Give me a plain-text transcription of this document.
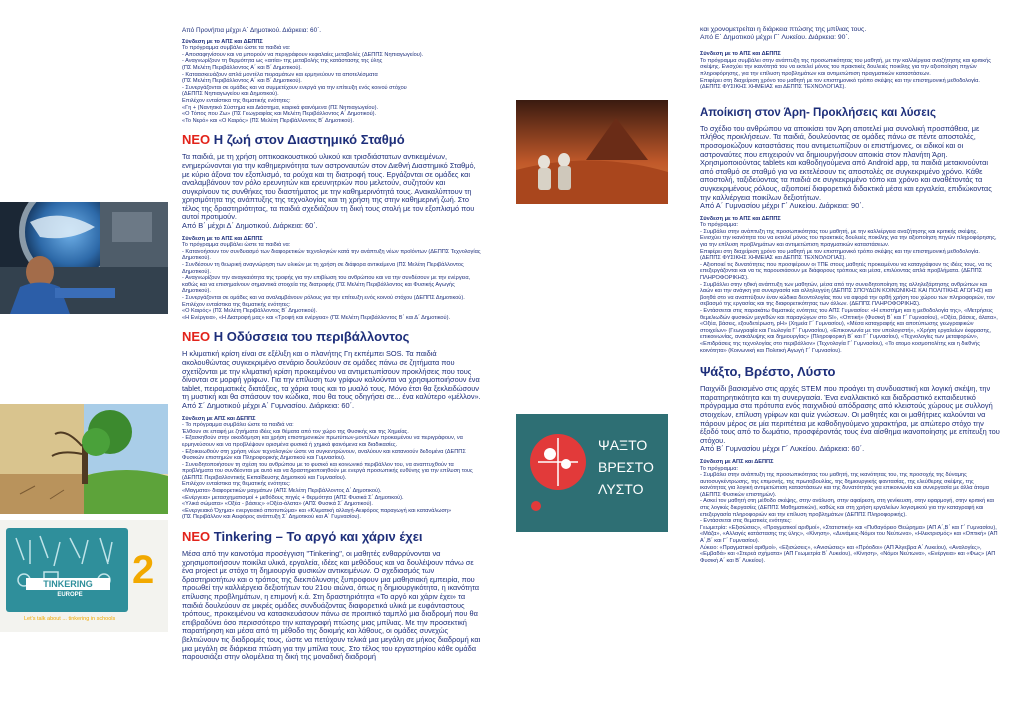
TINKERING
EUROPE
2
Let's talk about ... tinkering in schools

Από Προνήπια μέχρι Α΄ Δημοτικού. Διάρκεια: 60΄.

Σύνδεση με το ΑΠΣ και ΔΕΠΠΣ

Το πρόγραμμα συμβάλει ώστε τα παιδιά να:
- Αποσαφηνίσουν και να μπορούν να περιγράφουν κεφαλαίες μεταβολές (ΔΕΠΠΣ Νηπιαγωγείου).
- Αναγνωρίζουν τη θερμότητα ως «αιτία» της μεταβολής της κατάστασης της ύλης
(ΠΣ Μελέτη Περιβάλλοντος Α΄ και Β΄ Δημοτικού).
- Καταασκευάζουν απλά μοντέλα πειραμάτων και ερμηνεύουν τα αποτελέσματα
(ΠΣ Μελέτη Περιβάλλοντος Α΄ και Β΄ Δημοτικού).
- Συνεργάζονται σε ομάδες και να συμμετέχουν ενεργά για την επίτευξη ενός κοινού στόχου
(ΔΕΠΠΣ Νηπιαγωγείου και Δημοτικού).
Επιλέχον ενταίστικα της θεματικής ενότητες:
«Γη + (Νανητικό Σύστημα και Διάστημα, καιρικά φαινόμενα (ΠΣ Νηπιαγωγείου).
«Ο Τόπος που Ζω» (ΠΣ Γεωγραφίας και Μελέτη Περιβάλλοντος Α΄ Δημοτικού).
«Το Νερό» και «Ο Καιρός» (ΠΣ Μελέτη Περιβάλλοντος Β΄ Δημοτικού).
NEO Η ζωή στον Διαστημικό Σταθμό

Τα παιδιά, με τη χρήση οπτικοακουστικού υλικού και τρισδιάστατων αντικειμένων, ενημερώνονται για την καθημερινότητα των αστροναυτών στον Διεθνή Διαστημικό Σταθμό, με κύριο άξονα τον εξοπλισμό, τα ρούχα και τη διατροφή τους. Εργάζονται σε ομάδες και αναλαμβάνουν τον ρόλο ερευνητών και ερευνητριών που μελετούν, συζητούν και συγκρίνουν τις συνθήκες του διαστήματος με την καθημερινότητά τους. Ανακαλύπτουν τη χρησιμότητα της ανάπτυξης της τεχνολογίας και τη χρήση της στην καθημερινή ζωή. Στο τέλος της δραστηριότητας, τα παιδιά σχεδιάζουν τη δική τους στολή με τον εξοπλισμό που αυτοί προτιμούν.

Από Β΄ μέχρι Δ΄ Δημοτικού. Διάρκεια: 60΄.

Σύνδεση με το ΑΠΣ και ΔΕΠΠΣ

Το πρόγραμμα συμβάλει ώστε τα παιδιά να:
- Κατανοήσουν τον συνδυασμό των διαφορετικών τεχνολογιών κατά την ανάπτυξη νέων προϊόντων (ΔΕΠΠΣ Τεχνολογίας Δημοτικού).
- Συνδέσουν τη θεωρική αναγνώρηση των υλικών με τη χρήση σε διάφορα αντικείμενα (ΠΣ Μελέτη Περιβάλλοντος Δημοτικού).
- Αναγνωρίζουν την αναγκαιότητα της τροφής για την επιβίωση του ανθρώπου και να την συνδέσουν με την ενέργεια, καθώς και να επισημαίνουν σημαντικά στοιχεία της διατροφής (ΠΣ Μελέτη Περιβάλλοντος και Φυσικής Αγωγής Δημοτικού).
- Συνεργάζονται σε ομάδες και να αναλαμβάνουν ρόλους για την επίτευξη ενός κοινού στόχου (ΔΕΠΠΣ Δημοτικού).
Επιλέχον ενταίστικα της θεματικής ενότητες:
«Ο Καιρός» (ΠΣ Μελέτη Περιβάλλοντος Β΄ Δημοτικού).
«Η Ενέργεια», «Η Διατροφή μας» και «Τροφή και ενέργεια» (ΠΣ Μελέτη Περιβάλλοντος Β΄ και Δ΄ Δημοτικού).
NEO Η Οδύσσεια του περιβάλλοντος

Η κλιματική κρίση είναι σε εξέλιξη και ο πλανήτης Γη εκπέμπει SOS. Τα παιδιά ακολουθώντας συγκεκριμένο σενάριο δουλεύουν σε ομάδες πάνω σε ζητήματα που σχετίζονται με την κλιματική κρίση προκειμένου να αντιμετωπίσουν προκλήσεις που τους δίνονται σε μορφή γρίφων. Για την επίλυση των γρίφων καλούνται να χρησιμοποιήσουν ένα tablet, πειραματικές διατάξεις, τα χάρια τους και το μυαλό τους. Μόνο έτσι θα ξεκλειδώσουν τη μυστική και θα σπάσουν τον κώδικα, που θα τους οδηγήσει σε... ένα καλύτερο «μέλλον».

Από Σ΄ Δημοτικού μέχρι Α΄ Γυμνασίου. Διάρκεια: 60΄.

Σύνδεση με ΑΠΣ και ΔΕΠΠΣ

- Το πρόγραμμα συμβάλει ώστε τα παιδιά να:
Έλθουν σε επαφή με ζητήματα ιδέες και θέματα από τον χώρο της Φυσικής και της Χημείας.
- Εξασκηθούν στην οικοδόμηση και χρήση επιστημονικών πρωτύπων-μοντέλων προκειμένου να περιγράφουν, να ερμηνεύσουν και να προβλέψουν ορισμένα φυσικά ή χημικά φαινόμενα και διαδικασίες.
- Εξοικειωθούν στη χρήση νέων τεχνολογιών ώστε να συγκεντρώνουν, αναλύουν και κατανοούν δεδομένα (ΔΕΠΠΣ Φυσικών επιστημών και Πληροφορικής Δημοτικού και Γυμνασίου).
- Συνειδητοποιήσουν τη σχέση του ανθρώπου με το φυσικό και κοινωνικό περιβάλλον του, να αναπτυχθούν τα προβλήματα του συνδέονται με αυτό και να δραστηριοποιηθούν με ενεργά προσωπικής ευθύνης για την επίλυση τους (ΔΕΠΠΣ Περιβαλλοντικής Εκπαίδευσης Δημοτικού και Γυμνασίου).
Επιλέχον ενταίστικα της θεματικής ενότητες:
«Μαγματα» διαφορετικών μαγμάτων (ΑΠΣ Μελέτη Περιβάλλοντος Δ΄ Δημοτικού).
«Ενέργεια» μετασχηματισμοί + μεθόδους πηγές + θερμότητα (ΑΠΣ Φυσικά Σ΄ Δημοτικού).
«Υλικά σώματα» «Οξέα - βάσεις» «Οξέα-άλατα» (ΑΠΣ Φυσικά Σ΄ Δημοτικού).
«Ενεργειακό Όχημα» ενεργειακό αποτυπώμα» και «Κλιματική αλλαγή-Αειφόρος παραγωγή και κατανάλωση»
(ΠΣ Περιβάλλον και Αειφόρος ανάπτυξη Σ΄ Δημοτικού και Α΄ Γυμνασίου).
NEO Tinkering – Το αργό και χάριν έχει

Μέσα από την καινοτόμα προσέγγιση "Tinkering", οι μαθητές ενθαρρύνονται να χρησιμοποιήσουν ποικίλα υλικά, εργαλεία, ιδέες και μεθόδους και να δουλέψουν πάνω σε ένα project με στόχο τη δημιουργία φυσικών αντικειμένων. Ο σχεδιασμός των δραστηριοτήτων και ο τρόπος της διεκπόλυνσης ξυπροφουν μια μαθησιακή εμπειρία, που προωθεί την καλλιέργεια δεξιοτήτων του 21ου αιώνα, όπως η δημιουργικότητα, η ικανότητα επίλυσης προβλημάτων, η επιμονή κ.ά. Στη δραστηριότητα «Το αργό και χάριν έχει» τα παιδιά δουλεύουν σε μικρές ομάδες συνδυάζοντας διαφορετικά υλικά με ευφάνταστους τρόπους, προκειμένου να κατασκευάσουν πάνω σε προιπικό ταμπλό μια διαδρομή που θα επιβραδύνει όσο περισσότερο την καταγραφή πτώσης μιας μπίλιας. Με την προσεκτική παρατήρηση και μέσα από τη μέθοδο της δοκιμής και λάθους, οι ομάδες συνεχώς βελτιώνουν τις διαδρομές τους, ώστε να πετύχουν τελικά μια μεγάλη σε μήκος διαδρομή και μια μεγάλη σε διάρκεια πτώση για την μπίλια τους. Στο τέλος του εργαστηρίου κάθε ομάδα παρουσιάζει στην ολομέλεια τη δική της μοναδική διαδρομή

ΨΑΞΤΟ
ΒΡΕΣΤΟ
ΛΥΣΤΟ

και χρονομετρείται η διάρκεια πτώσης της μπίλιας τους.

Από Ε΄ Δημοτικού μέχρι Γ΄ Λυκείου. Διάρκεια: 90΄.

Σύνδεση με το ΑΠΣ και ΔΕΠΠΣ

Το πρόγραμμα συμβάλει στην ανάπτυξη της προσωπικότητας του μαθητή, με την καλλιέργεια αναζήτησης και κριτικής σκέψης. Ενισχύει την ικανότητά του να εκτελεί μόνος του πρακτικές δουλειές ποικίλης για την αξιοποίηση πηγών πληροφόρησης, για την επίλυση προβλημάτων και αντιμετώπιση πραγματικών καταστάσεων.

Επιφέρει στη διαχείριση χρόνο του μαθητή με τον επιστημονικό τρόπο σκέψης και την επιστημονική μεθοδολογία. (ΔΕΠΠΣ ΦΥΣΙΚΗΣ ΧΗΜΕΙΑΣ και ΔΕΠΠΣ ΤΕΧΝΟΛΟΓΙΑΣ).

Αποίκιση στον Άρη- Προκλήσεις και λύσεις

Το σχέδιο του ανθρώπου να αποικίσει τον Άρη αποτελεί μια συνολική προσπάθεια, με πλήθος προκλήσεων. Τα παιδιά, δουλεύοντας σε ομάδες πάνω σε πέντε αποστολές, προσομοιώζουν καταστάσεις που αντιμετωπίζουν οι επιστήμονες, οι ειδικοί και οι αστροναύτες που επιχειρούν να δημιουργήσουν αποικία στον πλανήτη Άρη. Χρησιμοποιούντας tablets και καθοδηγούμενα από Android app, τα παιδιά μετακινούνται από σταθμό σε σταθμό για να εκτελέσουν τις αποστολές σε συγκεκριμένο χρόνο. Κάθε αποστολή, ταξιδεύοντας τα παιδιά σε συγκεκριμένο τόπο και χρόνο και αναθέτοντάς τα συγκεκριμένους ρόλους, αξιοποιεί διαφορετικά διδακτικά μέσα και εργαλεία, επιδιώκοντας την καλλιέργεια ποικίλων δεξιοτήτων.

Από Α΄ Γυμνασίου μέχρι Γ΄ Λυκείου. Διάρκεια: 90΄.

Σύνδεση με το ΑΠΣ και ΔΕΠΠΣ

Το πρόγραμμα:
- Συμβάλει στην ανάπτυξη της προσωπικότητας του μαθητή, με την καλλιέργεια αναζήτησης και κριτικής σκέψης. Ενισχύει την ικανότητα του να εκτελεί μόνος του πρακτικές δουλειές ποικίλης για την αξιοποίηση πηγών πληροφόρησης, για την επίλυση προβλημάτων και αντιμετώπιση πραγματικών καταστάσεων.
Επιφέρει στη διαχείριση χρόνο του μαθητή με τον επιστημονικό τρόπο σκέψης και την επιστημονική μεθοδολογία. (ΔΕΠΠΣ ΦΥΣΙΚΗΣ ΧΗΜΕΙΑΣ και ΔΕΠΠΣ ΤΕΧΝΟΛΟΓΙΑΣ).
- Αξιοποιεί τις δυνατότητες που προσφέρουν οι ΤΠΕ στους μαθητές προκειμένου να καταγράφουν τις ιδέες τους, να τις επεξεργάζονται και να τις παρουσιάσουν με διάφορους τρόπους και μέσα, επιλύοντας απλά προβλήματα. (ΔΕΠΠΣ ΠΛΗΡΟΦΟΡΙΚΗΣ).
- Συμβάλλει στην ηθική ανάπτυξη των μαθητών, μέσα από την συνειδητοποίηση της αλληλεξάρτησης ανθρώπων και λαών και την ανάγκη για συνεργασία και αλληλεγγύη (ΔΕΠΠΣ ΣΠΟΥΔΩΝ ΚΟΙΝΩΝΙΚΗΣ ΚΑΙ ΠΟΛΙΤΙΚΗΣ ΑΓΩΓΗΣ) και βοηθά στο να αναπτύξουν έναν κώδικα δεοντολογίας που να αφορά την ορθή χρήση του χώρου των πληροφοριών, τον σεβασμό της εργασίας και της διαφορετικότητας των άλλων. (ΔΕΠΠΣ ΠΛΗΡΟΦΟΡΙΚΗΣ).
- Εντάσσεται στις παρακάτω θεματικές ενότητες του ΑΠΣ Γυμνασίου: «Η επιστήμη και η μεθοδολογία της», «Μετρήσεις θεμελιωδών φυσικών μεγεθών και παραγώγων στο SI», «Οπτική» (Φυσική Β΄ και Γ΄ Γυμνασίου), «Οξέα, βάσεις, άλατα», «Οξέα, βάσεις, εξουδετέρωση, pH» (Χημεία Γ΄ Γυμνασίου), «Μέσα καταγραφής και αποτύπωσης γεωγραφικών στοιχείων» (Γεωγραφία και Γεωλογία Γ΄ Γυμνασίου), «Επικοινωνία με τον υπολογιστή», «Χρήση εργαλείων έκφρασης, επικοινωνίας, ανακάλυψης και δημιουργίας» (Πληροφορική Β΄ και Γ΄ Γυμνασίου), «Τεχνολογίες των μεταφορών», «Επιδράσεις της τεχνολογίας στο περιβάλλον» (Τεχνολογία Γ΄ Γυμνασίου), «Το ατομο κοσμοπολίτης και η διεθνής κοινότητα» (Κοινωνική και Πολιτική Αγωγή Γ΄ Γυμνασίου).
Ψάξτο, Βρέστο, Λύστο

Παιχνίδι βασισμένο στις αρχές STEM που προάγει τη συνδυαστική και λογική σκέψη, την παρατηρητικότητα και τη συνεργασία. Ένα εναλλακτικό και διαδραστικό εκπαιδευτικό πρόγραμμα στα πρότυπα ενός παιχνιδιού απόδρασης από κλειστούς χώρους με συλλογή στοιχείων, επίλυση γρίφων και quiz γνώσεων. Οι μαθητές και οι μαθήτριες καλούνται να πάρουν μέρος σε μία περιπέτεια με καθοδηγούμενο χαρακτήρα, με απώτερο στόχο την έξοδό τους από το δωμάτιο, προσφέροντάς τους ένα αίσθημα ικανοποίησης με επίτευξη του στόχου.

Από Β΄ Γυμνασίου μέχρι Γ΄ Λυκείου. Διάρκεια: 60΄.

Σύνδεση με ΑΠΣ και ΔΕΠΠΣ

Το πρόγραμμα:
- Συμβάλει στην ανάπτυξη της προσωπικότητας του μαθητή, της ικανότητας του, της προσοχής της δύναμης αυτοσυγκέντρωσης, της επιμονής, της πρωτοβουλίας, της δημιουργικής φαντασίας, της ελεύθερης σκέψης, της ικανότητας για λογική αντιμετώπιση καταστάσεων και της δυνατότητάς για επικοινωνία και συνεργασία με άλλα άτομα (ΔΕΠΠΣ Φυσικών επιστημών).
- Ασκεί τον μαθητή στη μέθοδο σκέψης, στην ανάλυση, στην αφαίρεση, στη γενίκευση, στην εφαρμογή, στην κριτική και στις λογικές διεργασίες (ΔΕΠΠΣ Μαθηματικών), καθώς και στη χρήση εργαλείων λογισμικού για την καταγραφή και επεξεργασία πληροφοριών και την επίλυση προβλημάτων (ΔΕΠΠΣ Πληροφορικής).
- Εντάσσεται στις θεματικές ενότητες:
Γεωμετρία: «Εξισώσεις», «Πραγματικοί αριθμοί», «Στατιστική» και «Πυθαγόρειο Θεώρημα» (ΑΠ Α΄,Β΄ και Γ΄ Γυμνασίου), «Μάζα», «Αλλαγές κατάστασης της ύλης», «Κίνηση», «Δυνάμεις-Νόμοι του Νεύτωνα», «Ηλεκτρισμός» και «Οπτική» (ΑΠ Α΄,Β΄ και Γ΄ Γυμνασίου).
Λύκειο: «Πραγματικοί αριθμοί», «Εξισώσεις», «Ανισώσεις» και «Πρόοδοι» (ΑΠ Άλγεβρα Α΄ Λυκείου), «Αναλογίες», «Εμβαδά» και «Στερεά σχήματα» (ΑΠ Γεωμετρία Β΄ Λυκείου), «Κίνηση», «Νόμοι Νεύτωνα», «Ενέργεια» και «Φως» (ΑΠ Φυσική Α΄ και Β΄ Λυκείου).
